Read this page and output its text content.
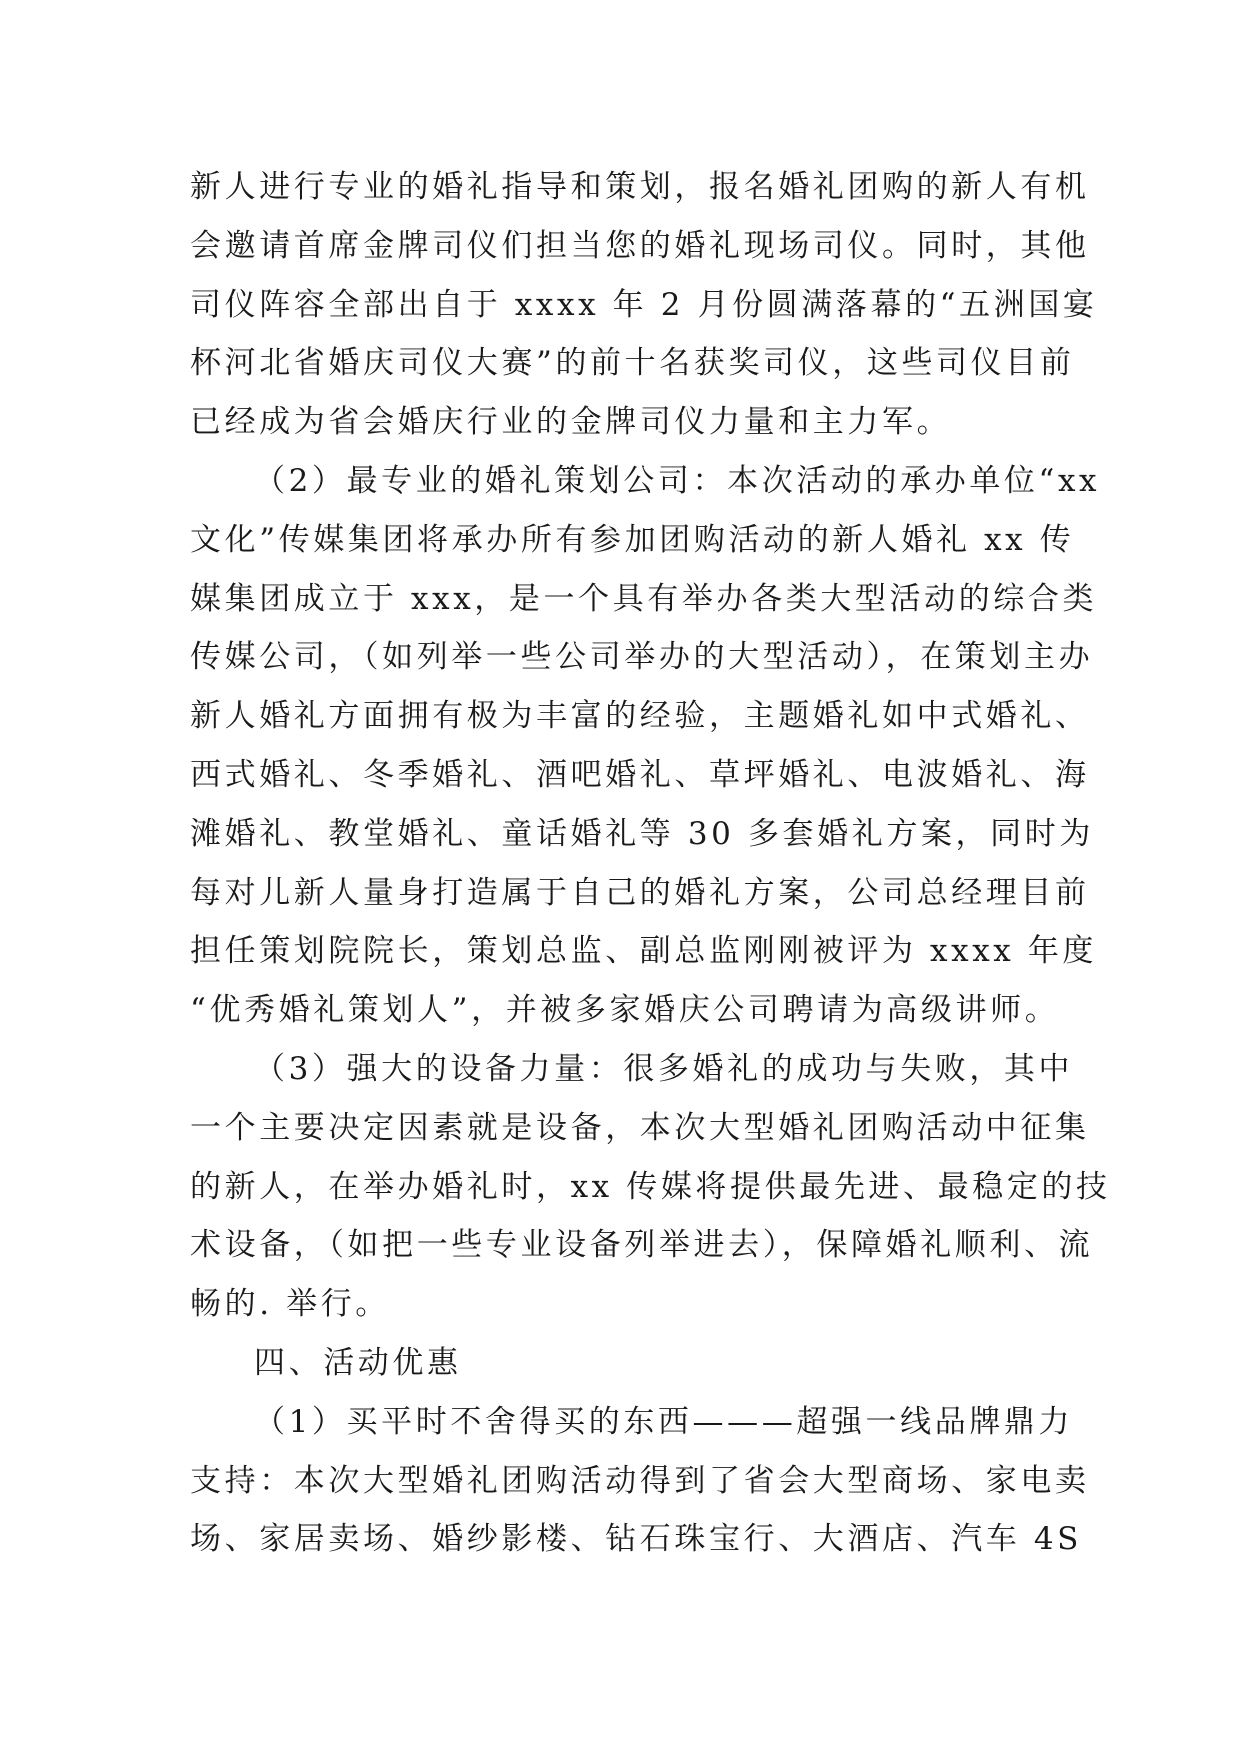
新人进行专业的婚礼指导和策划，报名婚礼团购的新人有机
会邀请首席金牌司仪们担当您的婚礼现场司仪。同时，其他
司仪阵容全部出自于 xxxx 年 2 月份圆满落幕的“五洲国宴
杯河北省婚庆司仪大赛”的前十名获奖司仪，这些司仪目前
已经成为省会婚庆行业的金牌司仪力量和主力军。
（2）最专业的婚礼策划公司：本次活动的承办单位“xx
文化”传媒集团将承办所有参加团购活动的新人婚礼 xx 传
媒集团成立于 xxx，是一个具有举办各类大型活动的综合类
传媒公司，（如列举一些公司举办的大型活动），在策划主办
新人婚礼方面拥有极为丰富的经验，主题婚礼如中式婚礼、
西式婚礼、冬季婚礼、酒吧婚礼、草坪婚礼、电波婚礼、海
滩婚礼、教堂婚礼、童话婚礼等 30 多套婚礼方案，同时为
每对儿新人量身打造属于自己的婚礼方案，公司总经理目前
担任策划院院长，策划总监、副总监刚刚被评为 xxxx 年度
“优秀婚礼策划人”，并被多家婚庆公司聘请为高级讲师。
（3）强大的设备力量：很多婚礼的成功与失败，其中
一个主要决定因素就是设备，本次大型婚礼团购活动中征集
的新人，在举办婚礼时，xx 传媒将提供最先进、最稳定的技
术设备，（如把一些专业设备列举进去），保障婚礼顺利、流
畅的. 举行。
四、活动优惠
（1）买平时不舍得买的东西———超强一线品牌鼎力
支持：本次大型婚礼团购活动得到了省会大型商场、家电卖
场、家居卖场、婚纱影楼、钻石珠宝行、大酒店、汽车 4S
